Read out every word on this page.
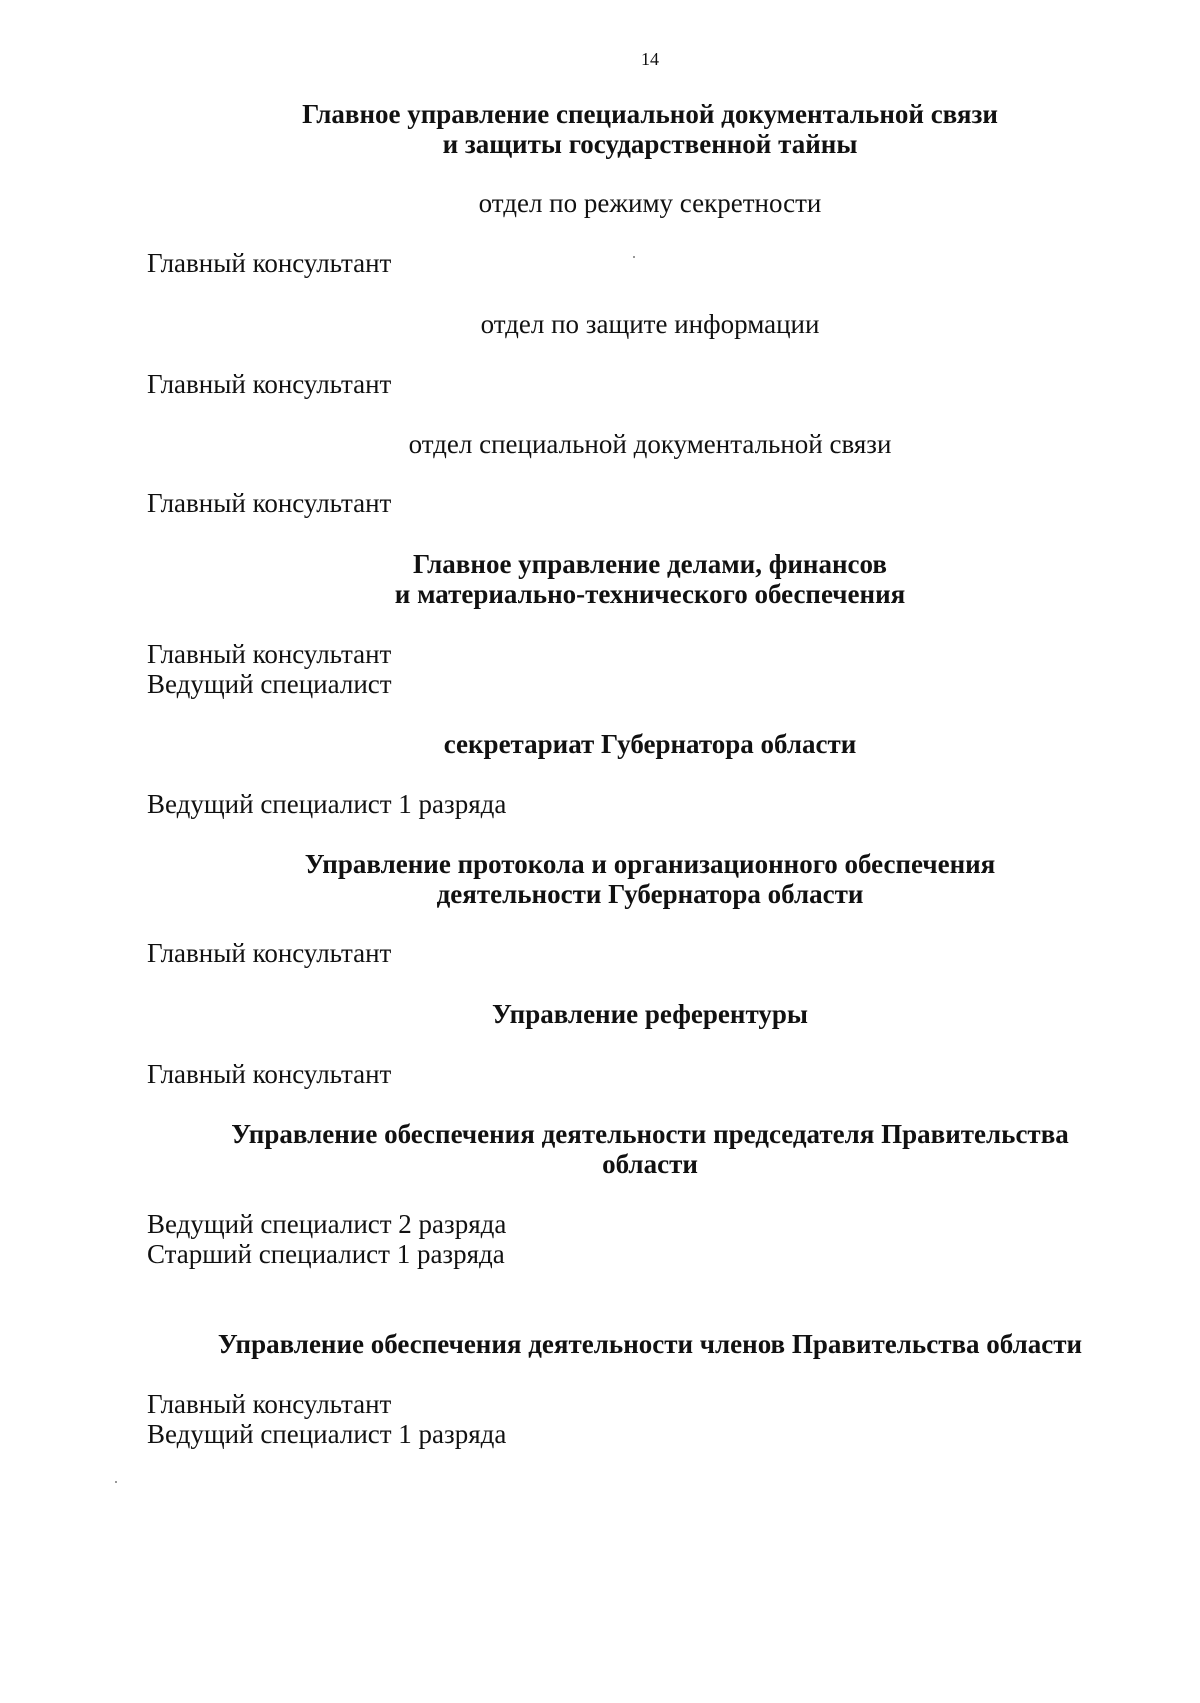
14
Главное управление специальной документальной связи
и защиты государственной тайны
отдел по режиму секретности
Главный консультант
отдел по защите информации
Главный консультант
отдел специальной документальной связи
Главный консультант
Главное управление делами, финансов
и материально-технического обеспечения
Главный консультант
Ведущий специалист
секретариат Губернатора области
Ведущий специалист 1 разряда
Управление протокола и организационного обеспечения
деятельности Губернатора области
Главный консультант
Управление референтуры
Главный консультант
Управление обеспечения деятельности председателя Правительства
области
Ведущий специалист 2 разряда
Старший специалист 1 разряда
Управление обеспечения деятельности членов Правительства области
Главный консультант
Ведущий специалист 1 разряда
